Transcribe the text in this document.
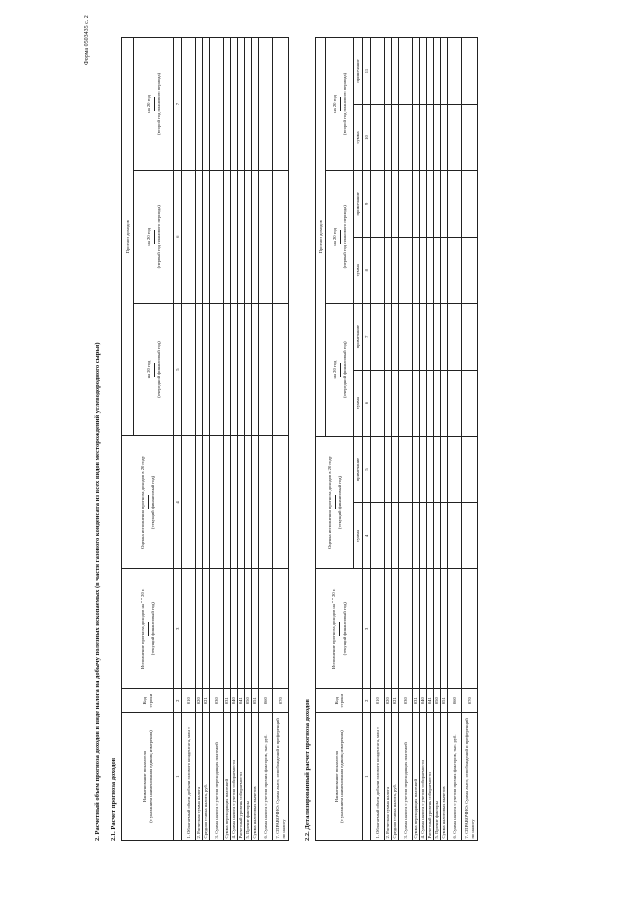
Форма 0503435 с. 2
2. Расчетный объем прогноза доходов в виде налога на добычу полезных ископаемых (в части газового конденсата из всех видов месторождений углеводородного сырья) 2.1. Расчет прогноза доходов	Наименование показателя
(с указанием наименования единиц измерения)	Код строки	Исполнение прогноза доходов на " " 20 г. (текущий финансовый год)	Оценка исполнения прогноза доходов в 20 году (текущий финансовый год)	Прогноз доходов		
				на 20 год (очередной финансовый год)	на 20 год (первый год планового периода)	на 20 год (второй год планового периода)
1	2	3	4	5	6	7
1. Облагаемый объем добычи газового конденсата, млн т	010					
2. Расчетная сумма налога	020					
Средняя ставка налога, руб.	021					
3. Сумма налога с учетом переходящих платежей	030					
Сумма переходящих платежей	031					
4. Сумма налога с учетом собираемости	040					
Расчетный уровень собираемости	041					
5. Прочие факторы	050					
Сумма налоговых вычетов	051					
6. Сумма налога с учетом прочих факторов, тыс. руб.	060					
7. СПРАВОЧНО: Сумма льгот, освобождений и преференций по налогу	070						2.2. Детализированный расчет прогноза доходов	Наименование показателя
(с указанием наименования единиц измерения)	Код строки	Исполнение прогноза доходов на " " 20 г. (текущий финансовый год)	Оценка исполнения прогноза доходов в 20 году (текущий финансовый год)		Прогноз доходов					
					на 20 год (очередной финансовый год)		на 20 год (первый год планового периода)		на 20 год (второй год планового периода)	
			сумма	примечание	сумма	примечание	сумма	примечание	сумма	примечание
1	2	3	4	5	6	7	8	9	10	11
1. Облагаемый объем добычи газового конденсата, млн т	010									
2. Расчетная сумма налога	020									
Средняя ставка налога, руб.	021									
3. Сумма налога с учетом переходящих платежей	030									
Сумма переходящих платежей	031									
4. Сумма налога с учетом собираемости	040									
Расчетный уровень собираемости	041									
5. Прочие факторы	050									
Сумма налоговых вычетов	051									
6. Сумма налога с учетом прочих факторов, тыс. руб.	060									
7. СПРАВОЧНО: Сумма льгот, освобождений и преференций по налогу	070									
